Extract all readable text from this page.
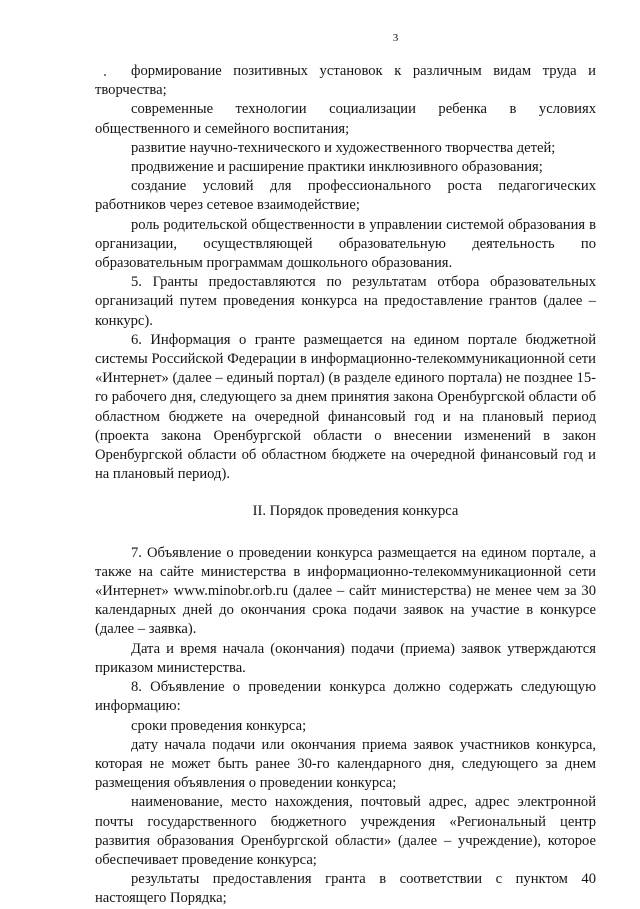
3

формирование позитивных установок к различным видам труда и творчества;

современные технологии социализации ребенка в условиях общественного и семейного воспитания;

развитие научно-технического и художественного творчества детей;

продвижение и расширение практики инклюзивного образования;

создание условий для профессионального роста педагогических работников через сетевое взаимодействие;

роль родительской общественности в управлении системой образования в организации, осуществляющей образовательную деятельность по образовательным программам дошкольного образования.

5. Гранты предоставляются по результатам отбора образовательных организаций путем проведения конкурса на предоставление грантов (далее – конкурс).

6. Информация о гранте размещается на едином портале бюджетной системы Российской Федерации в информационно-телекоммуникационной сети «Интернет» (далее – единый портал) (в разделе единого портала) не позднее 15-го рабочего дня, следующего за днем принятия закона Оренбургской области об областном бюджете на очередной финансовый год и на плановый период (проекта закона Оренбургской области о внесении изменений в закон Оренбургской области об областном бюджете на очередной финансовый год и на плановый период).

II. Порядок проведения конкурса

7. Объявление о проведении конкурса размещается на едином портале, а также на сайте министерства в информационно-телекоммуникационной сети «Интернет» www.minobr.orb.ru (далее – сайт министерства) не менее чем за 30 календарных дней до окончания срока подачи заявок на участие в конкурсе (далее – заявка).

Дата и время начала (окончания) подачи (приема) заявок утверждаются приказом министерства.

8. Объявление о проведении конкурса должно содержать следующую информацию:

сроки проведения конкурса;

дату начала подачи или окончания приема заявок участников конкурса, которая не может быть ранее 30-го календарного дня, следующего за днем размещения объявления о проведении конкурса;

наименование, место нахождения, почтовый адрес, адрес электронной почты государственного бюджетного учреждения «Региональный центр развития образования Оренбургской области» (далее – учреждение), которое обеспечивает проведение конкурса;

результаты предоставления гранта в соответствии с пунктом 40 настоящего Порядка;
